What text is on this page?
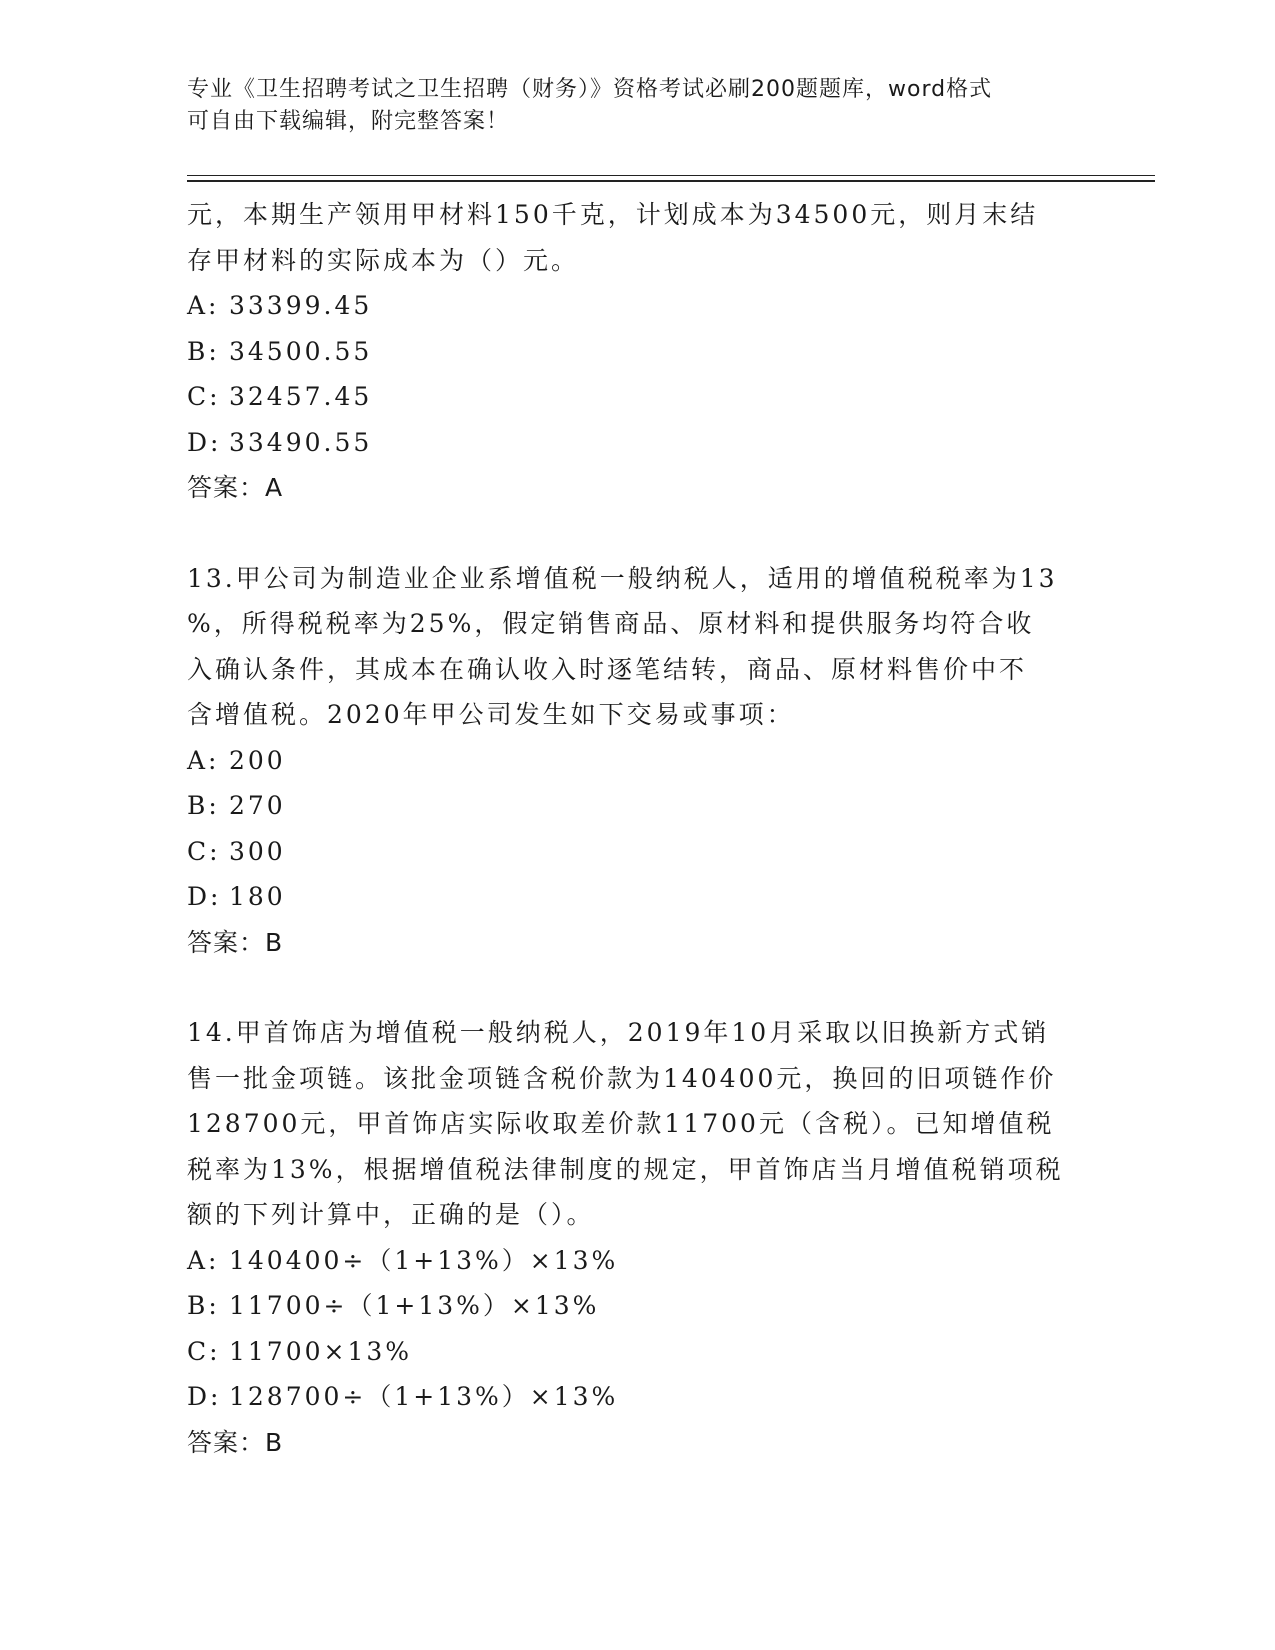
专业《卫生招聘考试之卫生招聘（财务）》资格考试必刷200题题库，word格式
可自由下载编辑，附完整答案！
元，本期生产领用甲材料150千克，计划成本为34500元，则月末结
存甲材料的实际成本为（）元。
A: 33399.45
B: 34500.55
C: 32457.45
D: 33490.55
答案：A
13.甲公司为制造业企业系增值税一般纳税人，适用的增值税税率为13
%，所得税税率为25%，假定销售商品、原材料和提供服务均符合收
入确认条件，其成本在确认收入时逐笔结转，商品、原材料售价中不
含增值税。2020年甲公司发生如下交易或事项：
A: 200
B: 270
C: 300
D: 180
答案：B
14.甲首饰店为增值税一般纳税人，2019年10月采取以旧换新方式销
售一批金项链。该批金项链含税价款为140400元，换回的旧项链作价
128700元，甲首饰店实际收取差价款11700元（含税）。已知增值税
税率为13%，根据增值税法律制度的规定，甲首饰店当月增值税销项税
额的下列计算中，正确的是（）。
A: 140400÷（1+13%）×13%
B: 11700÷（1+13%）×13%
C: 11700×13%
D: 128700÷（1+13%）×13%
答案：B
